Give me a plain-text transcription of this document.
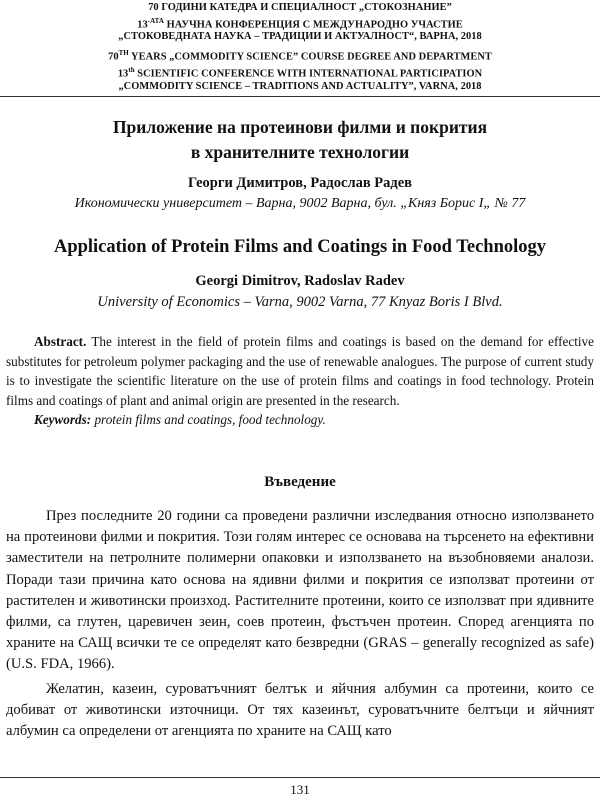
70 ГОДИНИ КАТЕДРА И СПЕЦИАЛНОСТ „СТОКОЗНАНИЕ”
$13^{-ATA}$ НАУЧНА КОНФЕРЕНЦИЯ С МЕЖДУНАРОДНО УЧАСТИЕ
„СТОКОВЕДНАТА НАУКА – ТРАДИЦИИ И АКТУАЛНОСТ“, ВАРНА, 2018
70TH YEARS „COMMODITY SCIENCE” COURSE DEGREE AND DEPARTMENT
13th SCIENTIFIC CONFERENCE WITH INTERNATIONAL PARTICIPATION
„COMMODITY SCIENCE – TRADITIONS AND ACTUALITY”, VARNA, 2018
Приложение на протеинови филми и покрития
в хранителните технологии
Георги Димитров, Радослав Радев
Икономически университет – Варна, 9002 Варна, бул. „Княз Борис I„ № 77
Application of Protein Films and Coatings in Food Technology
Georgi Dimitrov, Radoslav Radev
University of Economics – Varna, 9002 Varna, 77 Knyaz Boris I Blvd.

Abstract. The interest in the field of protein films and coatings is based on the demand for effective substitutes for petroleum polymer packaging and the use of renewable analogues. The purpose of current study is to investigate the scientific literature on the use of protein films and coatings in food technology. Protein films and coatings of plant and animal origin are presented in the research.

Keywords: protein films and coatings, food technology.

Въведение

През последните 20 години са проведени различни изследвания относно използването на протеинови филми и покрития. Този голям интерес се основава на търсенето на ефективни заместители на петролните полимерни опаковки и използването на възобновяеми аналози. Поради тази причина като основа на ядивни филми и покрития се използват протеини от растителен и животински произход. Растителните протеини, които се използват при ядивните филми, са глутен, царевичен зеин, соев протеин, фъстъчен протеин. Според агенцията по храните на САЩ всички те се определят като безвредни (GRAS – generally recognized as safe) (U.S. FDA, 1966).

Желатин, казеин, суроватъчният белтък и яйчния албумин са протеини, които се добиват от животински източници. От тях казеинът, суроватъчните белтъци и яйчният албумин са определени от агенцията по храните на САЩ като

131
